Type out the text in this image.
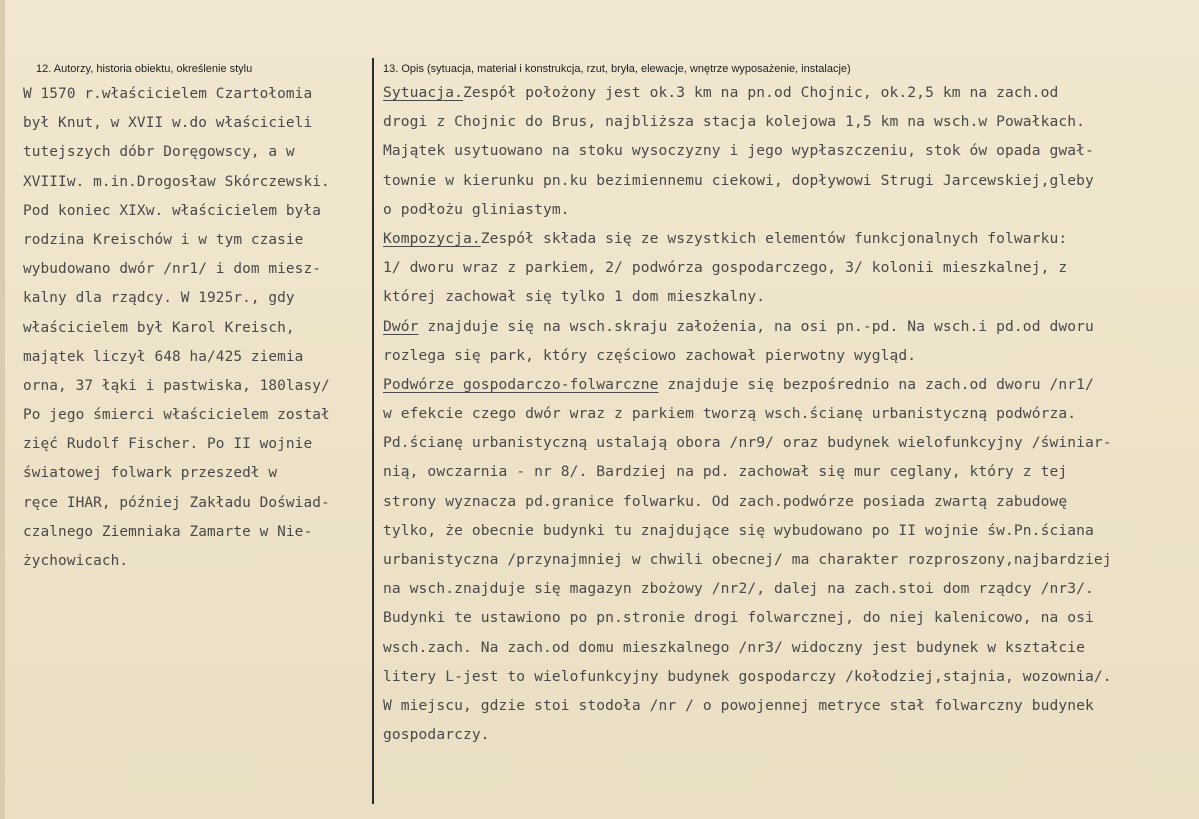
12. Autorzy, historia obiektu, określenie stylu	13. Opis (sytuacja, materiał i konstrukcja, rzut, bryła, elewacje, wnętrze wyposażenie, instalacje)
W 1570 r.właścicielem Czartołomia
był Knut, w XVII w.do właścicieli
tutejszych dóbr Doręgowscy, a w
XVIIIw. m.in.Drogosław Skórczewski.
Pod koniec XIXw. właścicielem była
rodzina Kreischów i w tym czasie
wybudowano dwór /nr1/ i dom miesz-
kalny dla rządcy. W 1925r., gdy
właścicielem był Karol Kreisch,
majątek liczył 648 ha/425 ziemia
orna, 37 łąki i pastwiska, 180lasy/
Po jego śmierci właścicielem został
zięć Rudolf Fischer. Po II wojnie
światowej folwark przeszedł w
ręce IHAR, później Zakładu Doświad-
czalnego Ziemniaka Zamarte w Nie-
żychowicach.
Sytuacja.Zespół położony jest ok.3 km na pn.od Chojnic, ok.2,5 km na zach.od
drogi z Chojnic do Brus, najbliższa stacja kolejowa 1,5 km na wsch.w Powałkach.
Majątek usytuowano na stoku wysoczyzny i jego wypłaszczeniu, stok ów opada gwał-
townie w kierunku pn.ku bezimiennemu ciekowi, dopływowi Strugi Jarcewskiej,gleby
o podłożu gliniastym.
Kompozycja.Zespół składa się ze wszystkich elementów funkcjonalnych folwarku:
1/ dworu wraz z parkiem, 2/ podwórza gospodarczego, 3/ kolonii mieszkalnej, z
której zachował się tylko 1 dom mieszkalny.
Dwór znajduje się na wsch.skraju założenia, na osi pn.-pd. Na wsch.i pd.od dworu
rozlega się park, który częściowo zachował pierwotny wygląd.
Podwórze gospodarczo-folwarczne znajduje się bezpośrednio na zach.od dworu /nr1/
w efekcie czego dwór wraz z parkiem tworzą wsch.ścianę urbanistyczną podwórza.
Pd.ścianę urbanistyczną ustalają obora /nr9/ oraz budynek wielofunkcyjny /świniar-
nią, owczarnia - nr 8/. Bardziej na pd. zachował się mur ceglany, który z tej
strony wyznacza pd.granice folwarku. Od zach.podwórze posiada zwartą zabudowę
tylko, że obecnie budynki tu znajdujące się wybudowano po II wojnie św.Pn.ściana
urbanistyczna /przynajmniej w chwili obecnej/ ma charakter rozproszony,najbardziej
na wsch.znajduje się magazyn zbożowy /nr2/, dalej na zach.stoi dom rządcy /nr3/.
Budynki te ustawiono po pn.stronie drogi folwarcznej, do niej kalenicowo, na osi
wsch.zach. Na zach.od domu mieszkalnego /nr3/ widoczny jest budynek w kształcie
litery L-jest to wielofunkcyjny budynek gospodarczy /kołodziej,stajnia, wozownia/.
W miejscu, gdzie stoi stodoła /nr / o powojennej metryce stał folwarczny budynek
gospodarczy.
